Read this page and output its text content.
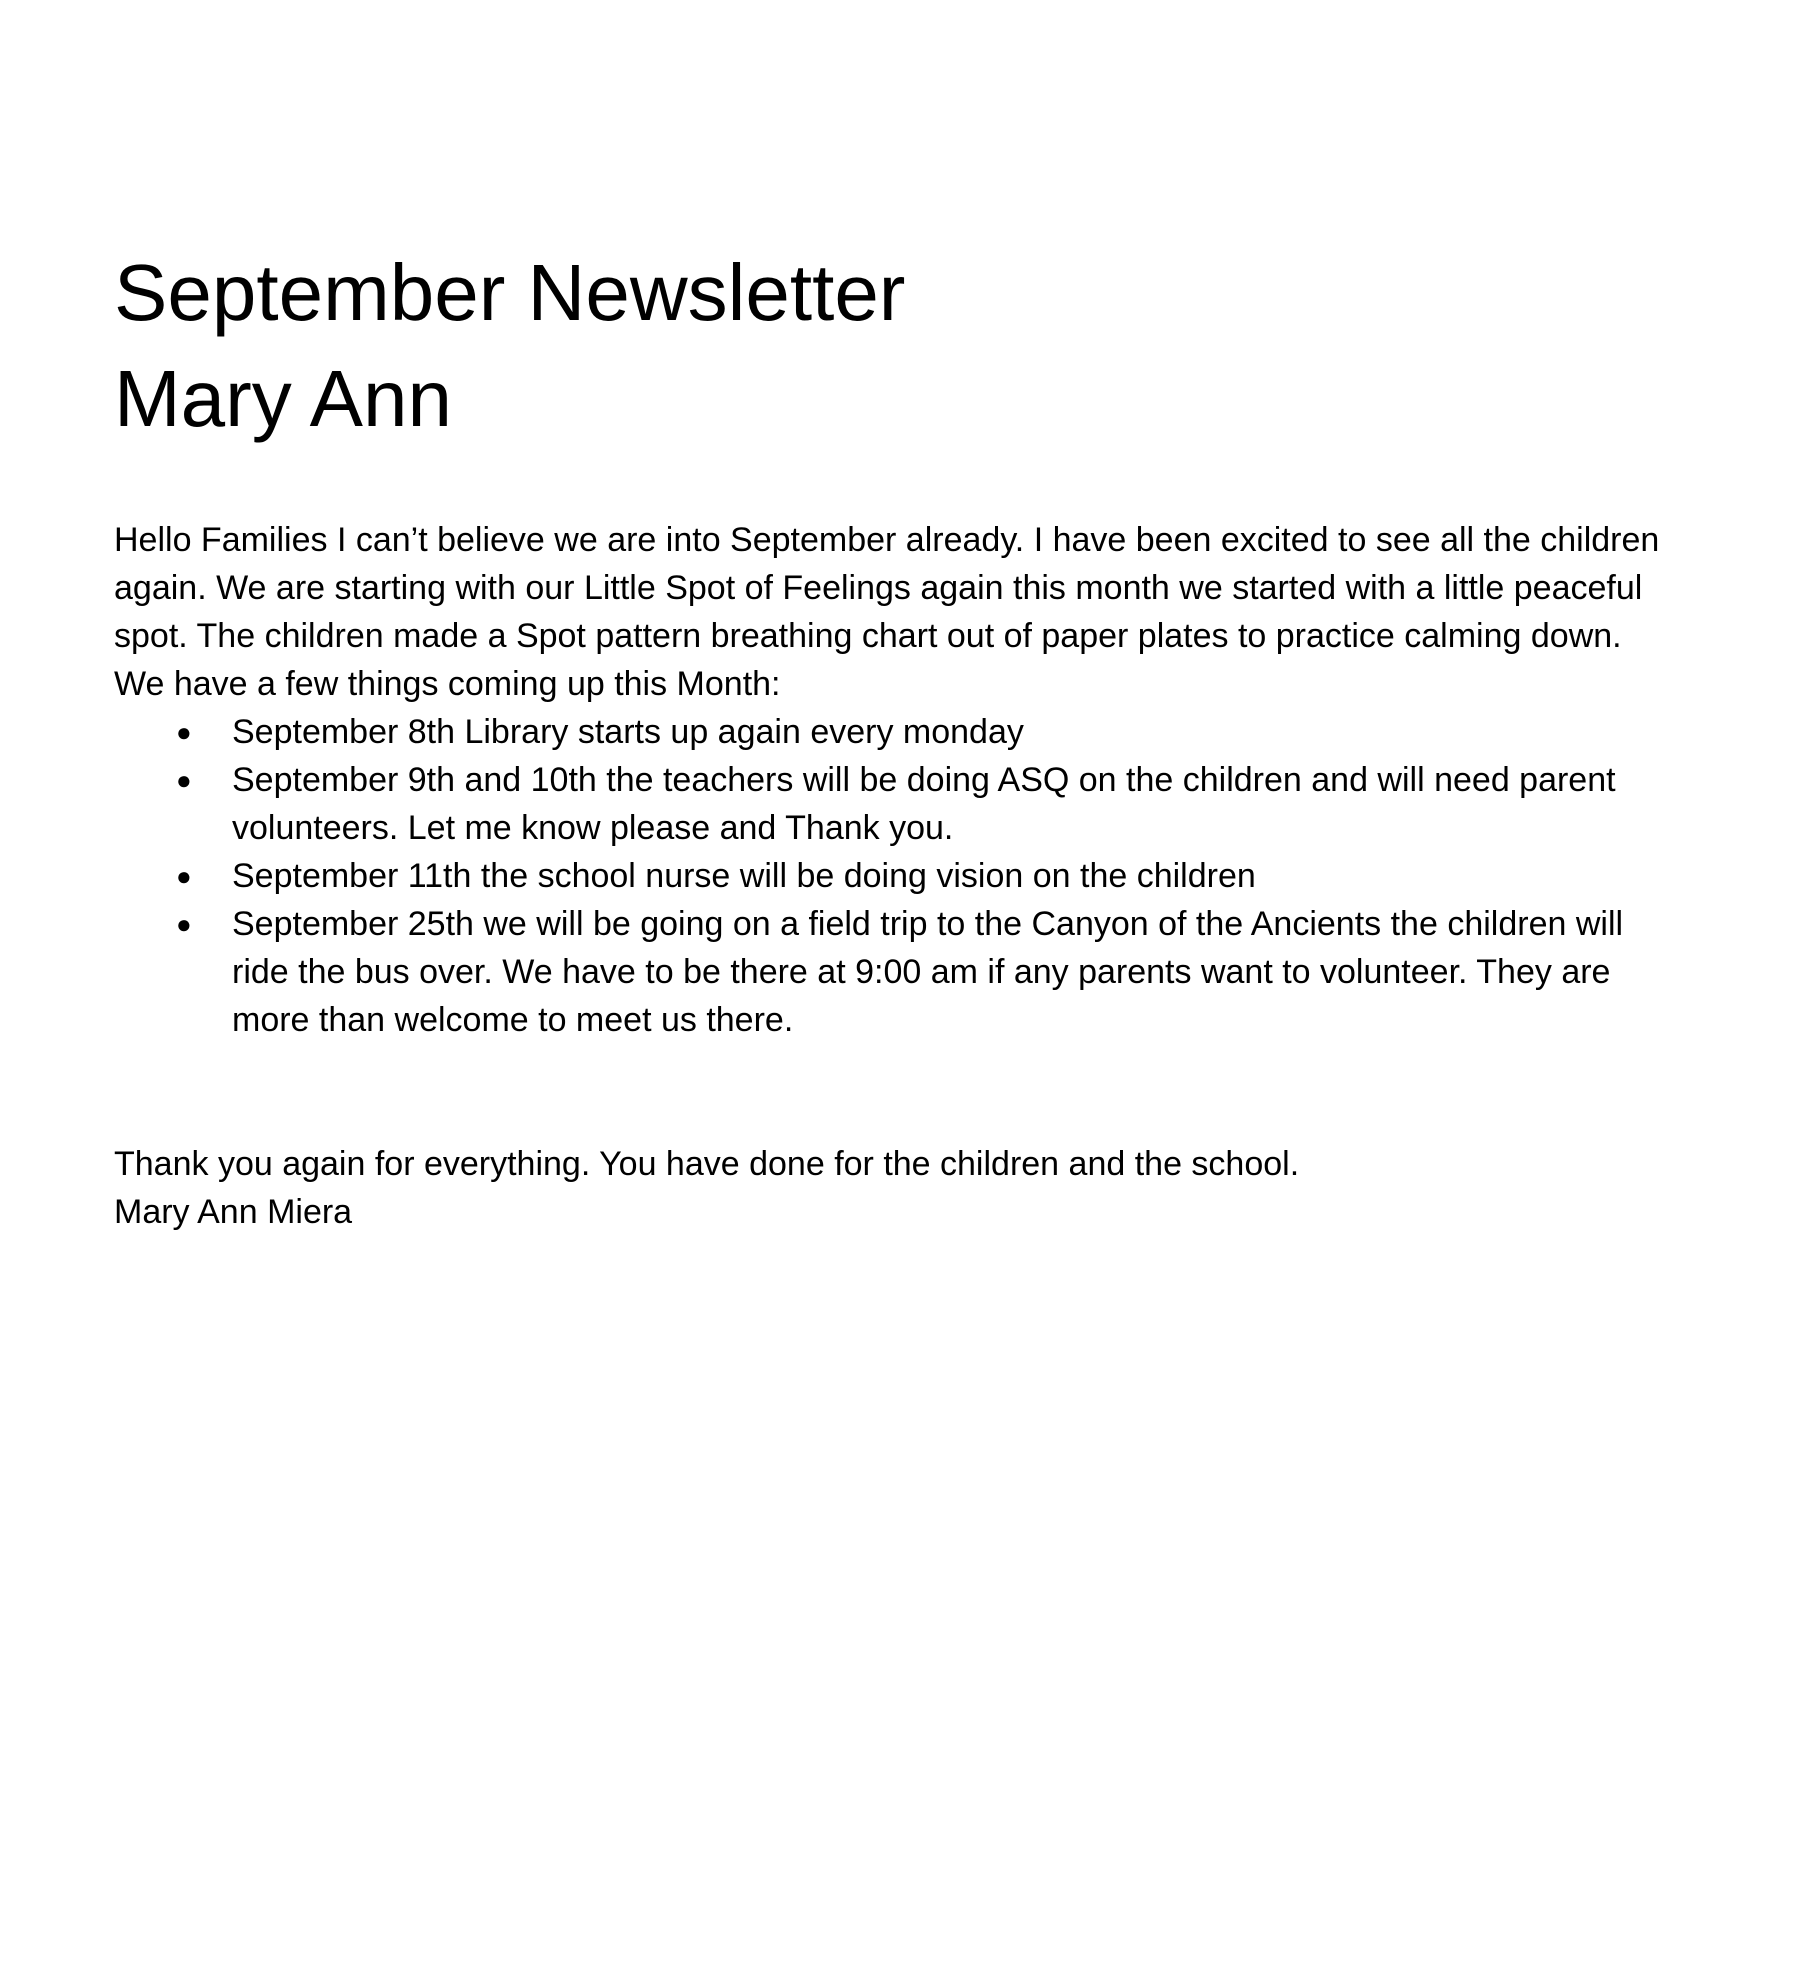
September Newsletter
Mary Ann

Hello Families I can’t believe we are into September already. I have been excited to see all the children again. We are starting with our Little Spot of Feelings again this month we started with a little peaceful spot. The children made a Spot pattern breathing chart out of paper plates to practice calming down.

We have a few things coming up this Month:

● September 8th Library starts up again every monday
● September 9th and 10th the teachers will be doing ASQ on the children and will need parent volunteers. Let me know please and Thank you.
● September 11th the school nurse will be doing vision on the children
● September 25th we will be going on a field trip to the Canyon of the Ancients the children will ride the bus over. We have to be there at 9:00 am if any parents want to volunteer. They are more than welcome to meet us there.

Thank you again for everything. You have done for the children and the school.

Mary Ann Miera
